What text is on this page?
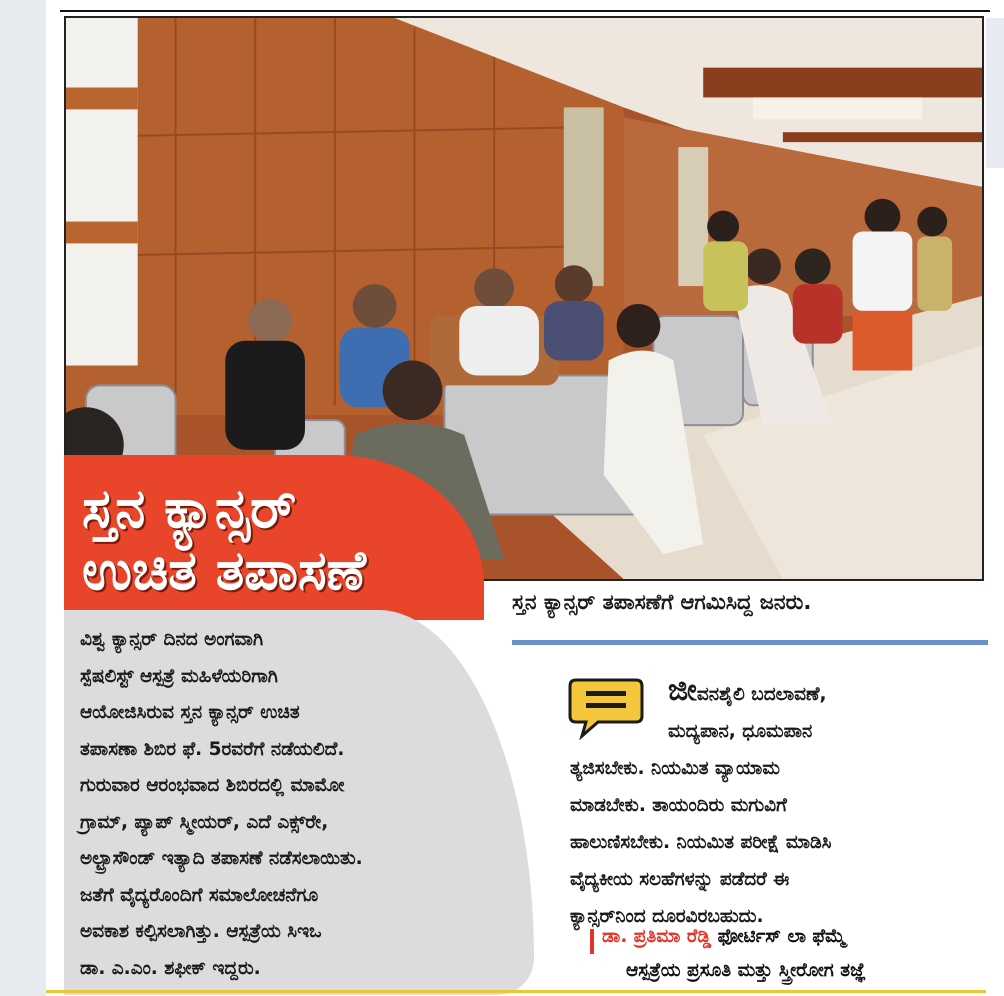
ಸ್ತನ ಕ್ಯಾನ್ಸರ್
ಉಚಿತ ತಪಾಸಣೆ	ಸ್ತನ ಕ್ಯಾನ್ಸರ್ ತಪಾಸಣೆಗೆ ಆಗಮಿಸಿದ್ದ ಜನರು.
ವಿಶ್ವ ಕ್ಯಾನ್ಸರ್ ದಿನದ ಅಂಗವಾಗಿ
ಸ್ಪೆಷಲಿಸ್ಟ್ ಆಸ್ಪತ್ರೆ ಮಹಿಳೆಯರಿಗಾಗಿ
ಆಯೋಜಿಸಿರುವ ಸ್ತನ ಕ್ಯಾನ್ಸರ್ ಉಚಿತ
ತಪಾಸಣಾ ಶಿಬಿರ ಫೆ. 5ರವರೆಗೆ ನಡೆಯಲಿದೆ.
ಗುರುವಾರ ಆರಂಭವಾದ ಶಿಬಿರದಲ್ಲಿ ಮಾಮೋ
ಗ್ರಾಮ್, ಪ್ಯಾಪ್ ಸ್ಮೀಯರ್, ಎದೆ ಎಕ್ಸ್‌ರೇ,
ಅಲ್ಟ್ರಾಸೌಂಡ್ ಇತ್ಯಾದಿ ತಪಾಸಣೆ ನಡೆಸಲಾಯಿತು.
ಜತೆಗೆ ವೈದ್ಯರೊಂದಿಗೆ ಸಮಾಲೋಚನೆಗೂ
ಅವಕಾಶ ಕಲ್ಪಿಸಲಾಗಿತ್ತು. ಆಸ್ಪತ್ರೆಯ ಸಿಇಒ
ಡಾ. ಎ.ಎಂ. ಶಫೀಕ್ ಇದ್ದರು.
ಜೀವನಶೈಲಿ ಬದಲಾವಣೆ,
ಮದ್ಯಪಾನ, ಧೂಮಪಾನ
ತ್ಯಜಿಸಬೇಕು. ನಿಯಮಿತ ವ್ಯಾಯಾಮ
ಮಾಡಬೇಕು. ತಾಯಂದಿರು ಮಗುವಿಗೆ
ಹಾಲುಣಿಸಬೇಕು. ನಿಯಮಿತ ಪರೀಕ್ಷೆ ಮಾಡಿಸಿ
ವೈದ್ಯಕೀಯ ಸಲಹೆಗಳನ್ನು ಪಡೆದರೆ ಈ
ಕ್ಯಾನ್ಸರ್‌ನಿಂದ ದೂರವಿರಬಹುದು.
ಡಾ. ಪ್ರತಿಮಾ ರೆಡ್ಡಿ ಫೋರ್ಟಿಸ್ ಲಾ ಫೆಮ್ಮೆ
ಆಸ್ಪತ್ರೆಯ ಪ್ರಸೂತಿ ಮತ್ತು ಸ್ತ್ರೀರೋಗ ತಜ್ಞೆ
